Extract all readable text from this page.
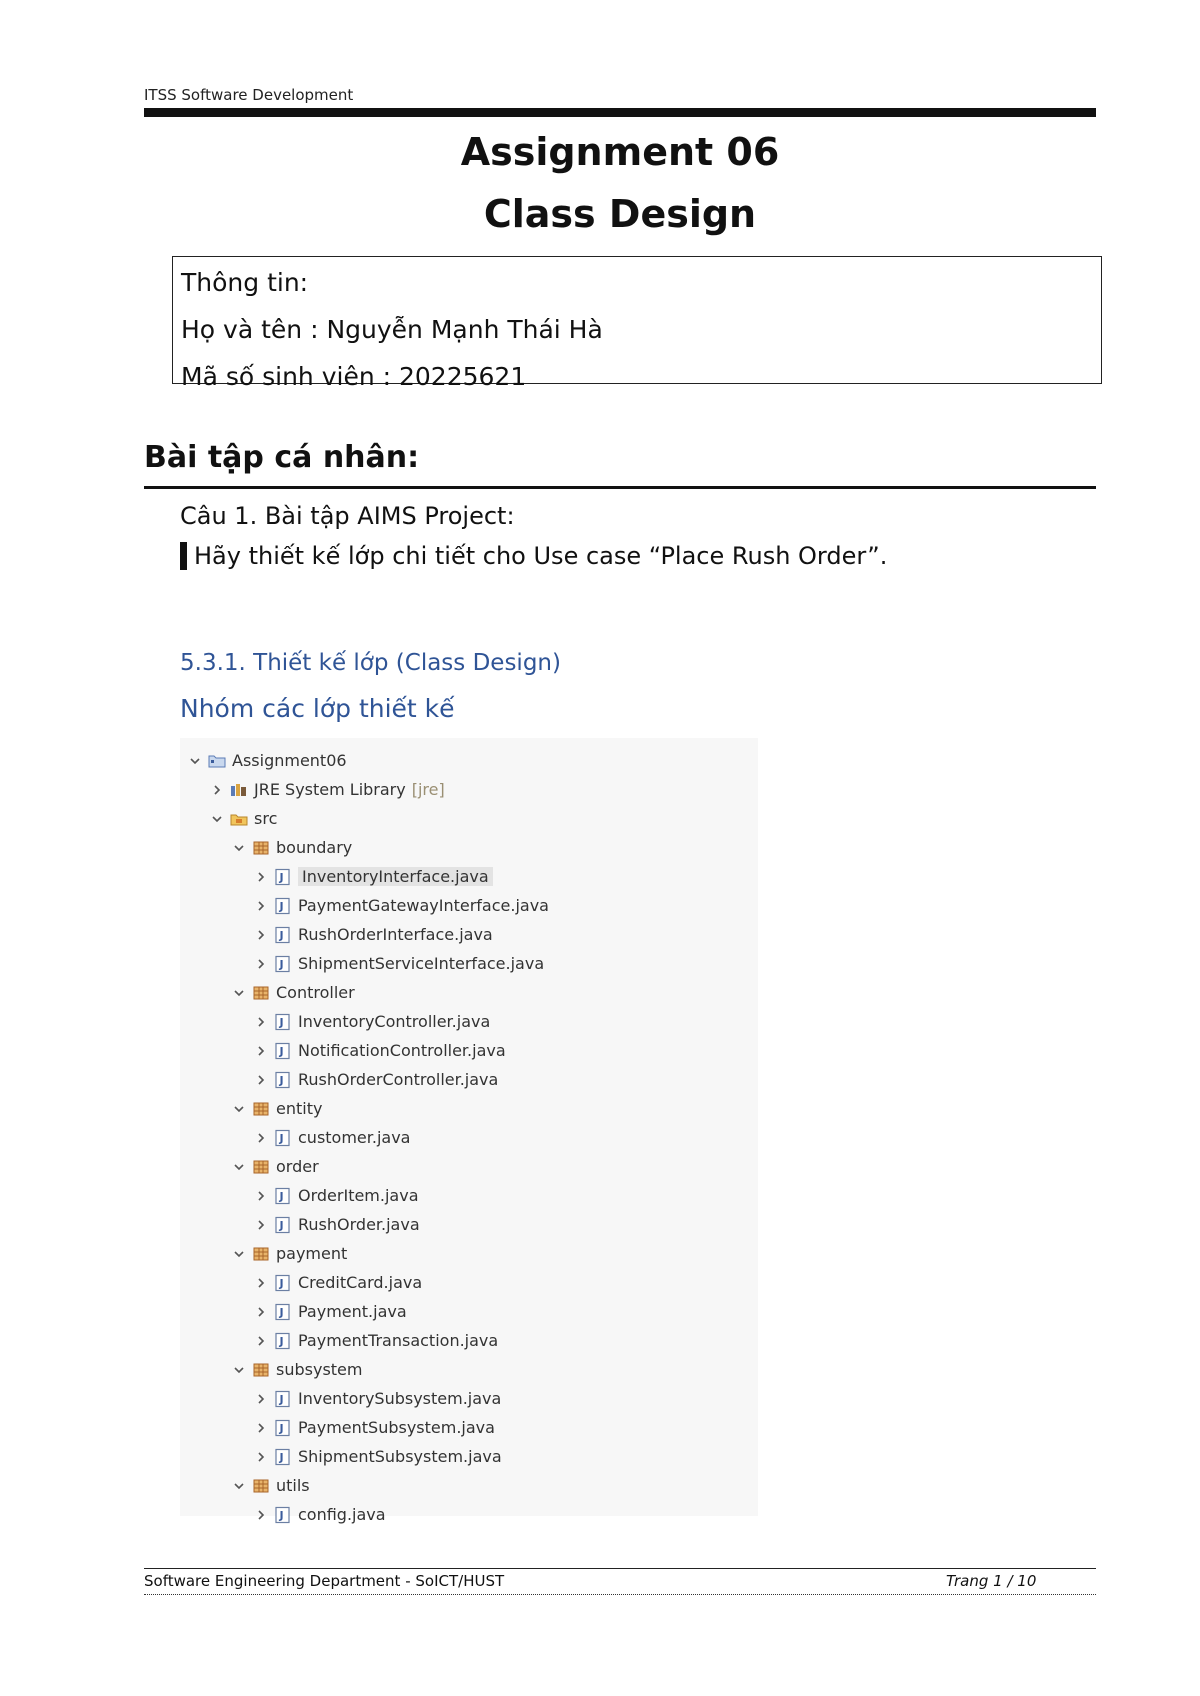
ITSS Software Development
Assignment 06
Class Design
Thông tin:
Họ và tên : Nguyễn Mạnh Thái Hà
Mã số sinh viên : 20225621
Bài tập cá nhân:
Câu 1. Bài tập AIMS Project:
Hãy thiết kế lớp chi tiết cho Use case “Place Rush Order”.
5.3.1. Thiết kế lớp (Class Design)
Nhóm các lớp thiết kế
Assignment06
JRE System Library [jre]
src
boundary
J InventoryInterface.java
J PaymentGatewayInterface.java
J RushOrderInterface.java
J ShipmentServiceInterface.java
Controller
J InventoryController.java
J NotificationController.java
J RushOrderController.java
entity
J customer.java
order
J OrderItem.java
J RushOrder.java
payment
J CreditCard.java
J Payment.java
J PaymentTransaction.java
subsystem
J InventorySubsystem.java
J PaymentSubsystem.java
J ShipmentSubsystem.java
utils
J config.java
Software Engineering Department - SoICT/HUST	Trang 1 / 10
